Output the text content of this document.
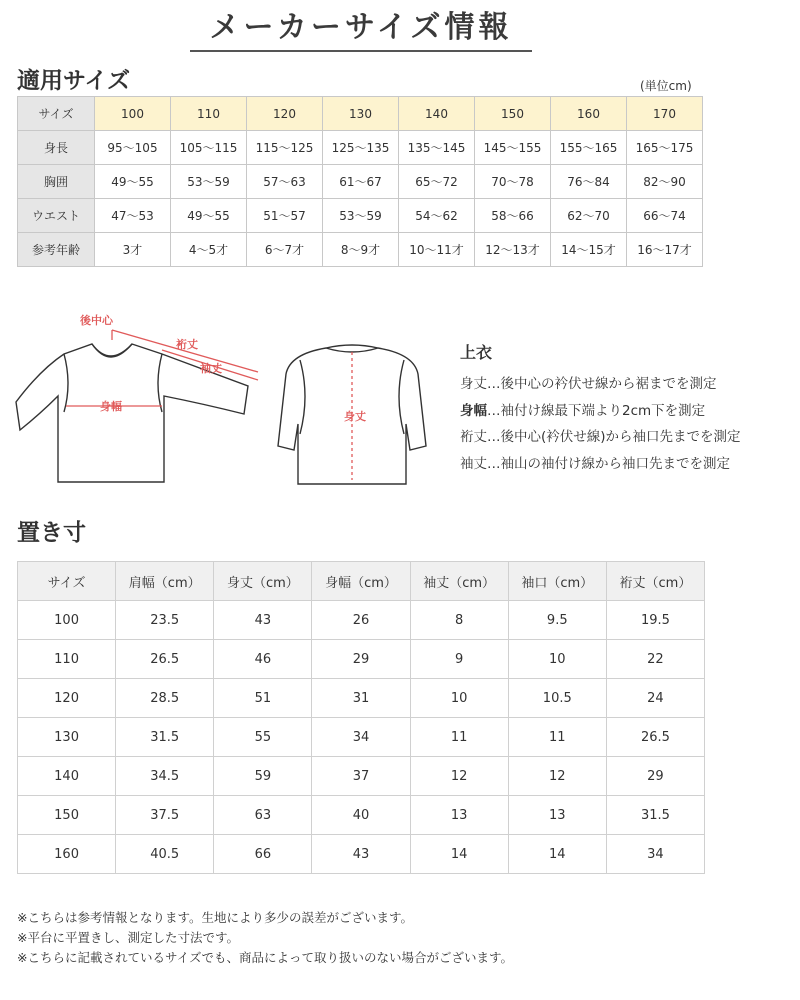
メーカーサイズ情報
適用サイズ	(単位cm)
サイズ	100	110	120	130	140	150	160	170
身長	95～105	105～115	115～125	125～135	135～145	145～155	155～165	165～175
胸囲	49～55	53～59	57～63	61～67	65～72	70～78	76～84	82～90
ウエスト	47～53	49～55	51～57	53～59	54～62	58～66	62～70	66～74
参考年齢	3才	4～5才	6～7才	8～9才	10～11才	12～13才	14～15才	16～17才
後中心
裄丈
袖丈
身幅
身丈
上衣
身丈…後中心の衿伏せ線から裾までを測定
身幅…袖付け線最下端より2cm下を測定
裄丈…後中心(衿伏せ線)から袖口先までを測定
袖丈…袖山の袖付け線から袖口先までを測定
置き寸
サイズ	肩幅（cm）	身丈（cm）	身幅（cm）	袖丈（cm）	袖口（cm）	裄丈（cm）
100	23.5	43	26	8	9.5	19.5
110	26.5	46	29	9	10	22
120	28.5	51	31	10	10.5	24
130	31.5	55	34	11	11	26.5
140	34.5	59	37	12	12	29
150	37.5	63	40	13	13	31.5
160	40.5	66	43	14	14	34
※こちらは参考情報となります。生地により多少の誤差がございます。
※平台に平置きし、測定した寸法です。
※こちらに記載されているサイズでも、商品によって取り扱いのない場合がございます。
